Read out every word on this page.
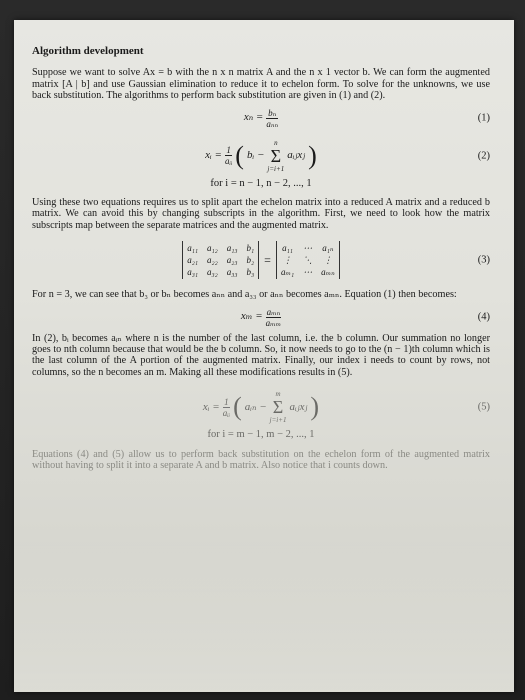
Algorithm development

Suppose we want to solve Ax = b with the n x n matrix A and the n x 1 vector b. We can form the augmented matrix [A | b] and use Gaussian elimination to reduce it to echelon form. To solve for the unknowns, we use back substitution. The algorithms to perform back substitution are given in (1) and (2).

$x_n = \frac{\text{bₙ}}{\text{aₙₙ}}$	(1)
xᵢ = $\frac{1}{\text{aᵢᵢ}}$ ( bᵢ −
n
Σ
j=i+1
aᵢⱼxⱼ )	(2)
for i = n − 1, n − 2, ..., 1

Using these two equations requires us to split apart the echelon matrix into a reduced A matrix and a reduced b matrix. We can avoid this by changing subscripts in the algorithm. First, we need to look how the matrix subscripts map between the separate matrices and the augmented matrix.

a₁₁ a₁₂ a₁₃ b₁
a₂₁ a₂₂ a₂₃ b₂
a₃₁ a₃₂ a₃₃ b₃
=
a₁₁ ⋯ a₁ₙ
⋮ ⋱ ⋮
aₘ₁ ⋯ aₘₙ
(3)

For n = 3, we can see that b₃ or bₙ becomes aₙₙ and a₃₃ or aₙₙ becomes aₘₙ. Equation (1) then becomes:

$x_m = \frac{\text{aₘₙ}}{\text{aₘₘ}}$	(4)

In (2), bᵢ becomes aᵢₙ where n is the number of the last column, i.e. the b column. Our summation no longer goes to nth column because that would be the b column. So, it now needs to go to the (n − 1)th column which is the last column of the A portion of the augmented matrix. Finally, our index i needs to count by rows, not columns, so the n becomes an m. Making all these modifications results in (5).

xᵢ = $\frac{1}{\text{aᵢᵢ}}$ ( aᵢₙ −
m
Σ
j=i+1
aᵢⱼxⱼ )	(5)
for i = m − 1, m − 2, ..., 1

Equations (4) and (5) allow us to perform back substitution on the echelon form of the augmented matrix without having to split it into a separate A and b matrix. Also notice that i counts down.
